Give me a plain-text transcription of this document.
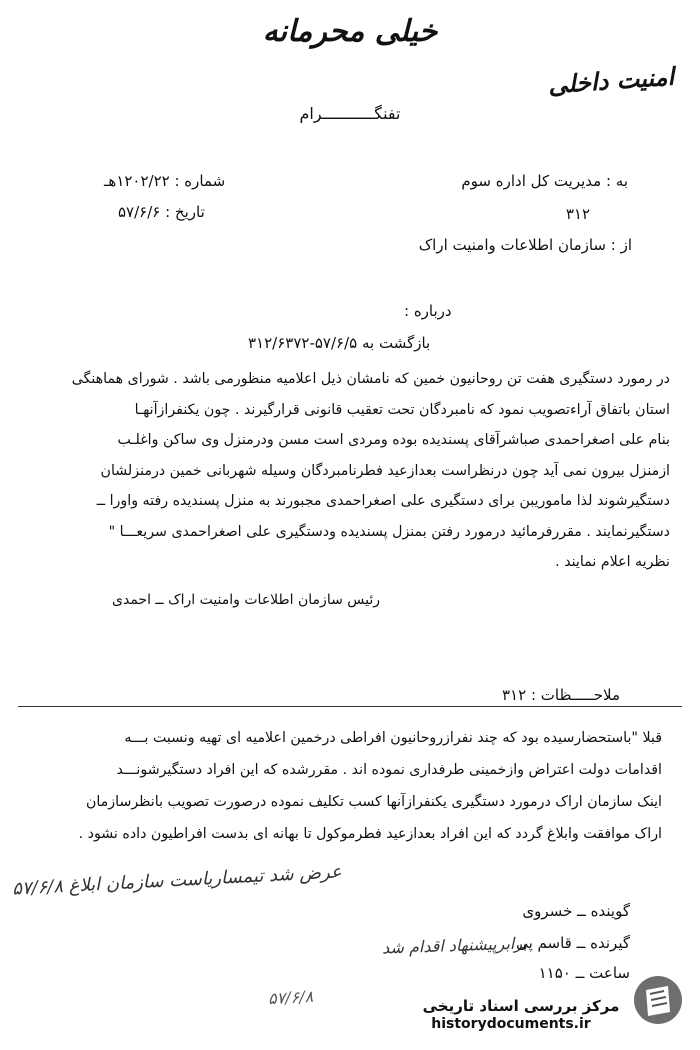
خیلی محرمانه
امنیت داخلی
تفنگـــــــــــرام
به : مدیریت کل اداره سوم
۳۱۲
از : سازمان اطلاعات وامنیت اراک
شماره : ۱۲۰۲/۲۲هـ
تاریخ : ۵۷/۶/۶
درباره :
بازگشت به ۵۷/۶/۵-۳۱۲/۶۳۷۲

در رمورد دستگیری هفت تن روحانیون خمین که نامشان ذیل اعلامیه منظورمی باشد . شورای هماهنگی

استان باتفاق آراءتصویب نمود که نامبردگان تحت تعقیب قانونی قرارگیرند . چون یکنفرازآنهـا

بنام علی اصغراحمدی صباشرآقای پسندیده بوده ومردی است مسن ودرمنزل وی ساکن واغلـب

ازمنزل بیرون نمی آید چون درنظراست بعدازعید فطرنامبردگان وسیله شهربانی خمین درمنزلشان

دستگیرشوند لذا ماموریبن برای دستگیری علی اصغراحمدی مجبورند به منزل پسندیده رفته واورا ــ

دستگیرنمایند . مقررفرمائید درمورد رفتن بمنزل پسندیده ودستگیری علی اصغراحمدی سریعـــا "

نظریه اعلام نمایند .

رئیس سازمان اطلاعات وامنیت اراک ــ احمدی
ملاحـــــظات : ۳۱۲
قبلا "باستحضارسیده بود که چند نفرازروحانیون افراطی درخمین اعلامیه ای تهیه ونسبت بـــه
اقدامات دولت اعتراض وازخمینی طرفداری نموده اند . مقررشده که این افراد دستگیرشونـــد
اینک سازمان اراک درمورد دستگیری یکنفرازآنها کسب تکلیف نموده درصورت تصویب بانظرسازمان
اراک موافقت وابلاغ گردد که این افراد بعدازعید فطرموکول تا بهانه ای بدست افراطیون داده نشود .
عرض شد تیمساریاست سازمان ابلاغ ۵۷/۶/۸
برابرپیشنهاد اقدام شد
۵۷/۶/۸
گوینده ــ خسروی
گیرنده ــ قاسم پی
ساعت ــ ۱۱۵۰
مرکز بررسی اسناد تاریخی
historydocuments.ir
